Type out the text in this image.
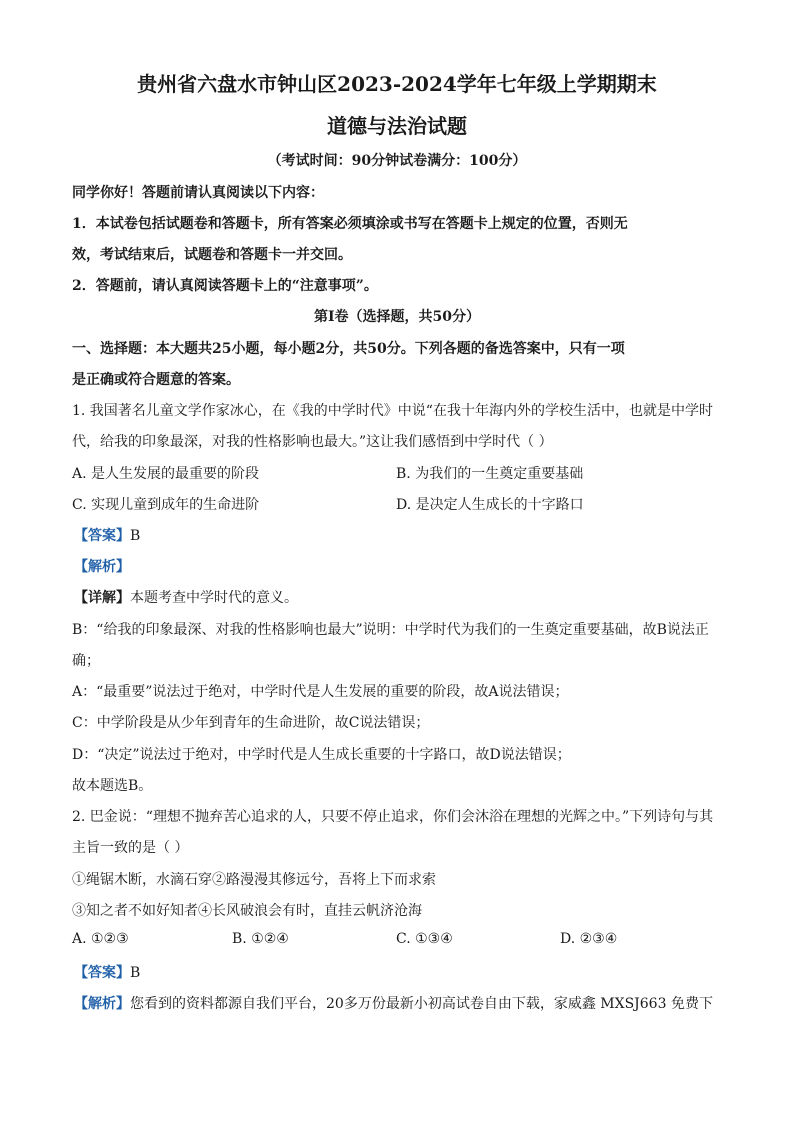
贵州省六盘水市钟山区2023-2024学年七年级上学期期末
道德与法治试题
（考试时间：90分钟试卷满分：100分）
同学你好！答题前请认真阅读以下内容：
1．本试卷包括试题卷和答题卡，所有答案必须填涂或书写在答题卡上规定的位置，否则无
效，考试结束后，试题卷和答题卡一并交回。
2．答题前，请认真阅读答题卡上的“注意事项”。
第Ⅰ卷（选择题，共50分）
一、选择题：本大题共25小题，每小题2分，共50分。下列各题的备选答案中，只有一项
是正确或符合题意的答案。
1. 我国著名儿童文学作家冰心，在《我的中学时代》中说“在我十年海内外的学校生活中，也就是中学时
代，给我的印象最深，对我的性格影响也最大。”这让我们感悟到中学时代（ ）
A. 是人生发展的最重要的阶段	B. 为我们的一生奠定重要基础
C. 实现儿童到成年的生命进阶	D. 是决定人生成长的十字路口
【答案】B
【解析】
【详解】本题考查中学时代的意义。
B：“给我的印象最深、对我的性格影响也最大”说明：中学时代为我们的一生奠定重要基础，故B说法正
确；
A：“最重要”说法过于绝对，中学时代是人生发展的重要的阶段，故A说法错误；
C：中学阶段是从少年到青年的生命进阶，故C说法错误；
D：“决定”说法过于绝对，中学时代是人生成长重要的十字路口，故D说法错误；
故本题选B。
2. 巴金说：“理想不抛弃苦心追求的人，只要不停止追求，你们会沐浴在理想的光辉之中。”下列诗句与其
主旨一致的是（ ）
①绳锯木断，水滴石穿②路漫漫其修远兮，吾将上下而求索
③知之者不如好知者④长风破浪会有时，直挂云帆济沧海
A. ①②③	B. ①②④	C. ①③④	D. ②③④
【答案】B
【解析】您看到的资料都源自我们平台，20多万份最新小初高试卷自由下载，家威鑫 MXSJ663 免费下
